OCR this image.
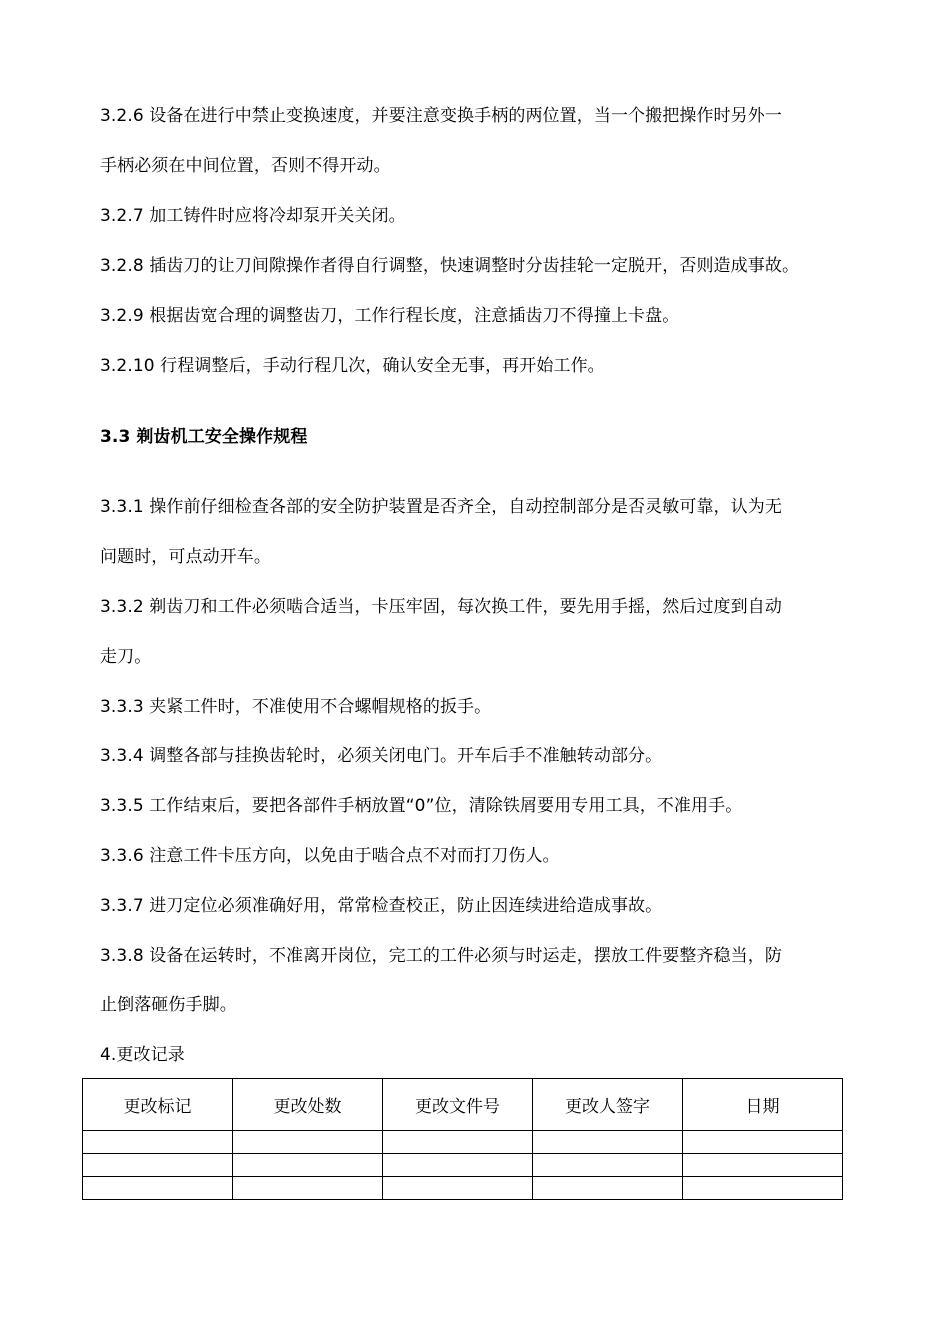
3.2.6 设备在进行中禁止变换速度，并要注意变换手柄的两位置，当一个搬把操作时另外一
手柄必须在中间位置，否则不得开动。
3.2.7 加工铸件时应将冷却泵开关关闭。
3.2.8 插齿刀的让刀间隙操作者得自行调整，快速调整时分齿挂轮一定脱开，否则造成事故。
3.2.9 根据齿宽合理的调整齿刀，工作行程长度，注意插齿刀不得撞上卡盘。
3.2.10 行程调整后，手动行程几次，确认安全无事，再开始工作。
3.3 剃齿机工安全操作规程
3.3.1 操作前仔细检查各部的安全防护装置是否齐全，自动控制部分是否灵敏可靠，认为无
问题时，可点动开车。
3.3.2 剃齿刀和工件必须啮合适当，卡压牢固，每次换工件，要先用手摇，然后过度到自动
走刀。
3.3.3 夹紧工件时，不准使用不合螺帽规格的扳手。
3.3.4 调整各部与挂换齿轮时，必须关闭电门。开车后手不准触转动部分。
3.3.5 工作结束后，要把各部件手柄放置“0”位，清除铁屑要用专用工具，不准用手。
3.3.6 注意工件卡压方向，以免由于啮合点不对而打刀伤人。
3.3.7 进刀定位必须准确好用，常常检查校正，防止因连续进给造成事故。
3.3.8 设备在运转时，不准离开岗位，完工的工件必须与时运走，摆放工件要整齐稳当，防
止倒落砸伤手脚。
4.更改记录
更改标记	更改处数	更改文件号	更改人签字	日期
